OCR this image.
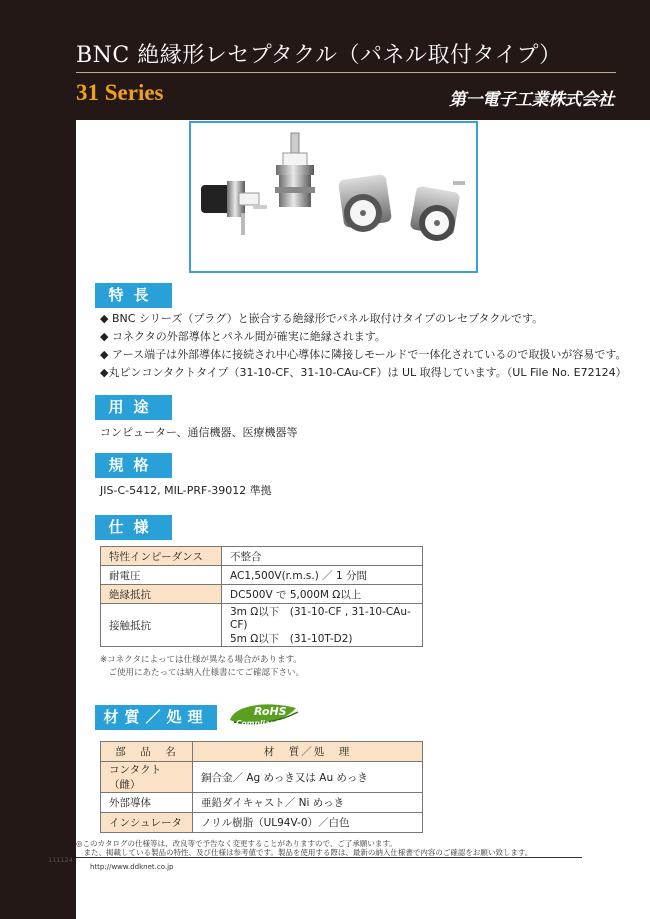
BNC 絶縁形レセプタクル（パネル取付タイプ）
31 Series	第一電子工業株式会社
特長
◆ BNC シリーズ（プラグ）と嵌合する絶縁形でパネル取付けタイプのレセプタクルです。
◆ コネクタの外部導体とパネル間が確実に絶縁されます。
◆ アース端子は外部導体に接続され中心導体に隣接しモールドで一体化されているので取扱いが容易です。
◆丸ピンコンタクトタイプ（31-10-CF、31-10-CAu-CF）は UL 取得しています。（UL File No. E72124）
用途
コンピューター、通信機器、医療機器等
規格
JIS-C-5412, MIL-PRF-39012 準拠
仕様
特性インピーダンス	不整合
耐電圧	AC1,500V(r.m.s.) ／ 1 分間
絶縁抵抗	DC500V で 5,000M Ω以上
接触抵抗	3m Ω以下　(31-10-CF , 31-10-CAu-CF)
5m Ω以下　(31-10T-D2)
※コネクタによっては仕様が異なる場合があります。
　ご使用にあたっては納入仕様書にてご確認下さい。
材質／処理	RoHS
Compliant
部　品　名	材　質／処　理
コンタクト（雌）	銅合金／ Ag めっき又は Au めっき
外部導体	亜鉛ダイキャスト／ Ni めっき
インシュレータ	ノリル樹脂（UL94V-0）／白色
◎このカタログの仕様等は、改良等で予告なく変更することがありますので、ご了承願います。
　また、掲載している製品の特性、及び仕様は参考値です。製品を使用する際は、最新の納入仕様書で内容のご確認をお願い致します。
111124
http://www.ddknet.co.jp
